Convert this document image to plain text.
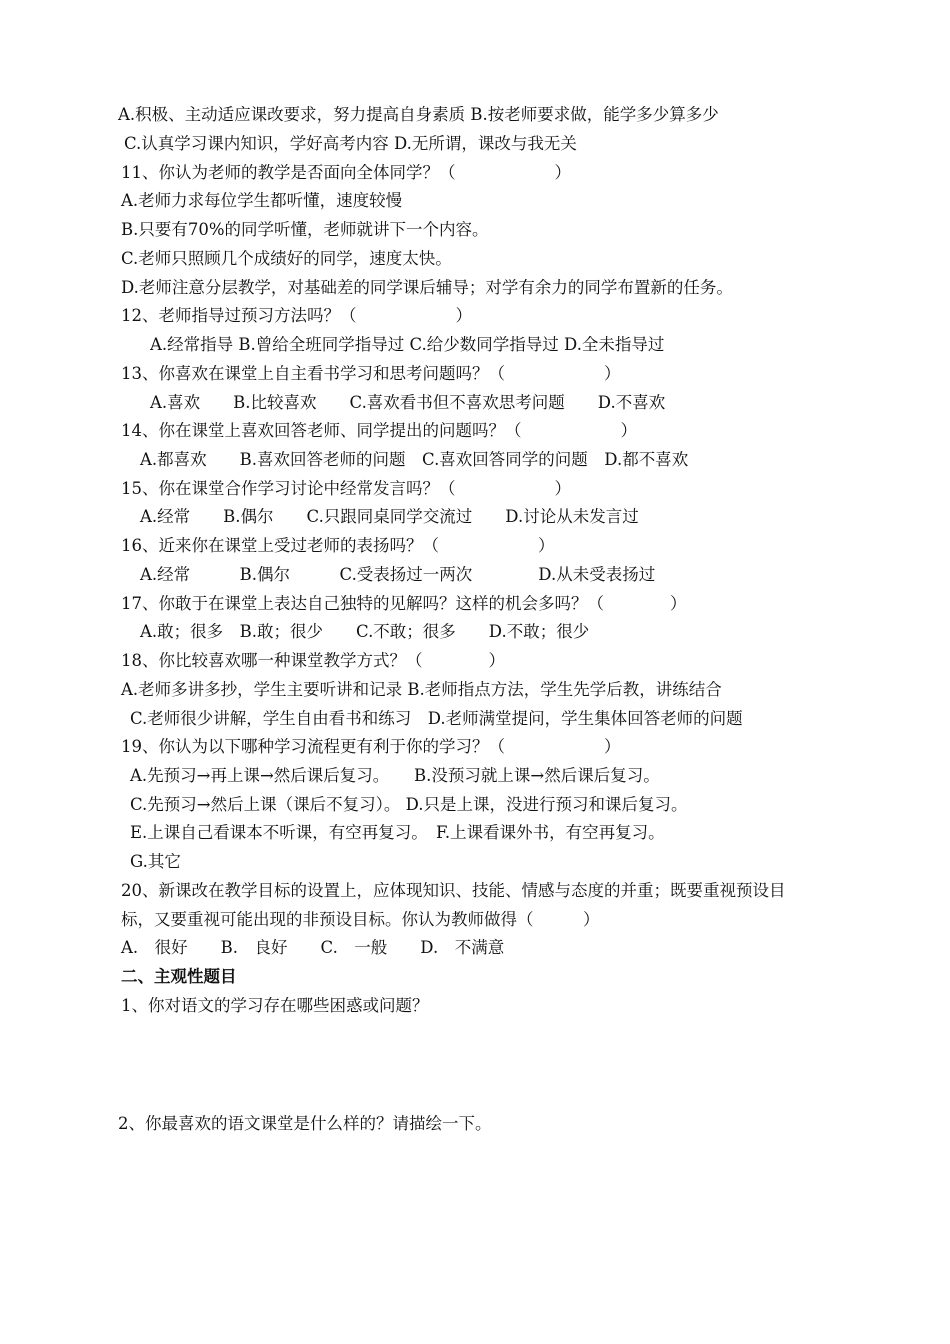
A.积极、主动适应课改要求，努力提高自身素质 B.按老师要求做，能学多少算多少
C.认真学习课内知识，学好高考内容 D.无所谓，课改与我无关
11、你认为老师的教学是否面向全体同学？（　　　　　　）
A.老师力求每位学生都听懂，速度较慢
B.只要有70%的同学听懂，老师就讲下一个内容。
C.老师只照顾几个成绩好的同学，速度太快。
D.老师注意分层教学，对基础差的同学课后辅导；对学有余力的同学布置新的任务。
12、老师指导过预习方法吗？（　　　　　　）
A.经常指导 B.曾给全班同学指导过 C.给少数同学指导过 D.全未指导过
13、你喜欢在课堂上自主看书学习和思考问题吗？（　　　　　　）
A.喜欢　　B.比较喜欢　　C.喜欢看书但不喜欢思考问题　　D.不喜欢
14、你在课堂上喜欢回答老师、同学提出的问题吗？（　　　　　　）
A.都喜欢　　B.喜欢回答老师的问题　C.喜欢回答同学的问题　D.都不喜欢
15、你在课堂合作学习讨论中经常发言吗？（　　　　　　）
A.经常　　B.偶尔　　C.只跟同桌同学交流过　　D.讨论从未发言过
16、近来你在课堂上受过老师的表扬吗？（　　　　　　）
A.经常　　　B.偶尔　　　C.受表扬过一两次　　　　D.从未受表扬过
17、你敢于在课堂上表达自己独特的见解吗？这样的机会多吗？（　　　　）
A.敢；很多　B.敢；很少　　C.不敢；很多　　D.不敢；很少
18、你比较喜欢哪一种课堂教学方式？（　　　　）
A.老师多讲多抄，学生主要听讲和记录 B.老师指点方法，学生先学后教，讲练结合
C.老师很少讲解，学生自由看书和练习　D.老师满堂提问，学生集体回答老师的问题
19、你认为以下哪种学习流程更有利于你的学习？（　　　　　　）
A.先预习→再上课→然后课后复习。　　B.没预习就上课→然后课后复习。
C.先预习→然后上课（课后不复习）。 D.只是上课，没进行预习和课后复习。
E.上课自己看课本不听课，有空再复习。　F.上课看课外书，有空再复习。
G.其它
20、新课改在教学目标的设置上，应体现知识、技能、情感与态度的并重；既要重视预设目
标，又要重视可能出现的非预设目标。你认为教师做得（　　　）
A.　很好　　B.　良好　　C.　一般　　D.　不满意
二、主观性题目
1、你对语文的学习存在哪些困惑或问题？
2、你最喜欢的语文课堂是什么样的？请描绘一下。
